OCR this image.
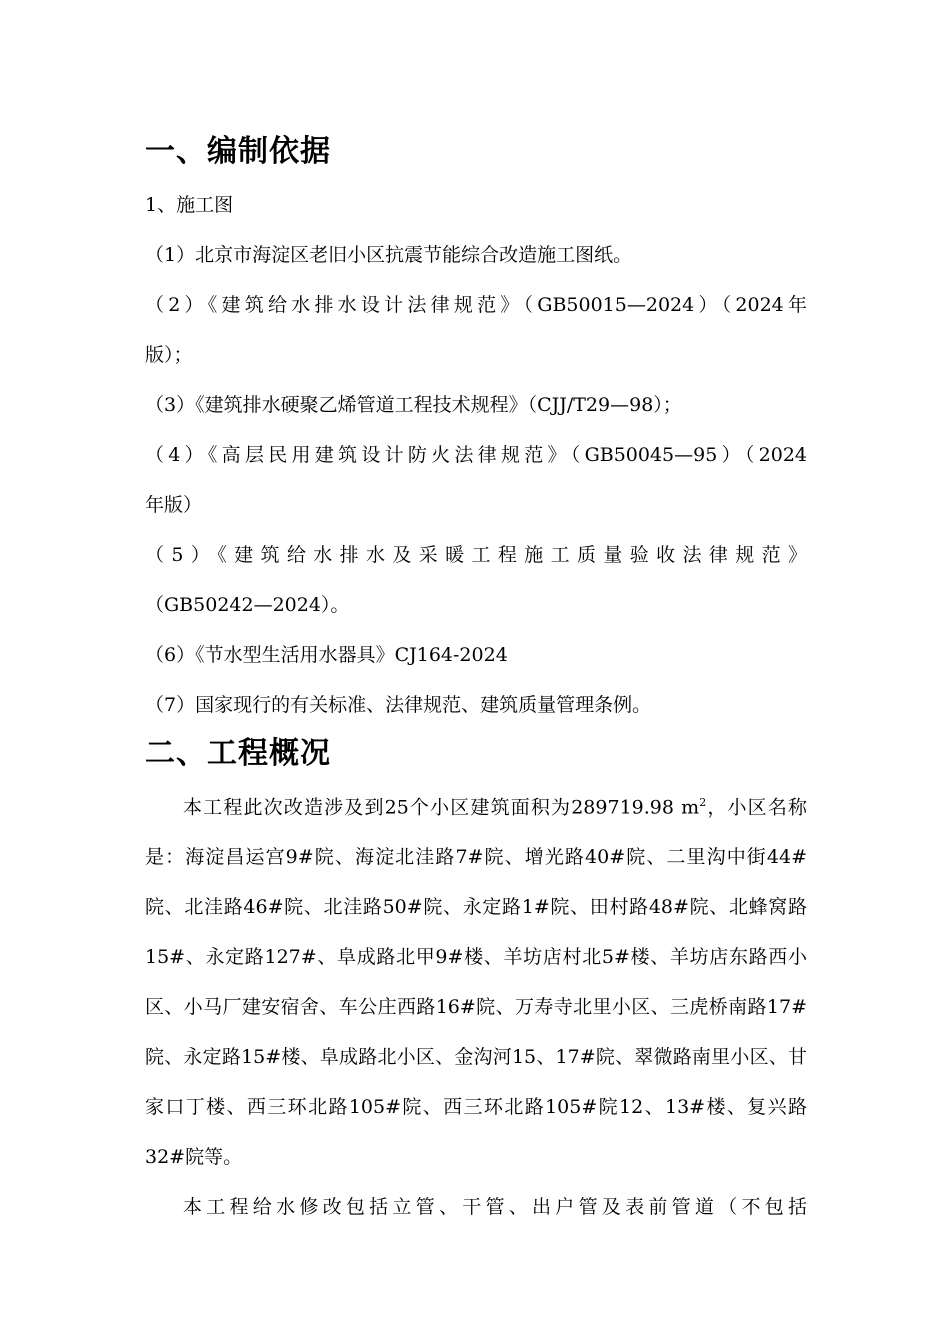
一、编制依据

1、施工图

（1）北京市海淀区老旧小区抗震节能综合改造施工图纸。

（2）《建筑给水排水设计法律规范》（GB50015—2024）（2024年

版）；

（3）《建筑排水硬聚乙烯管道工程技术规程》（CJJ/T29—98）；

（4）《高层民用建筑设计防火法律规范》（GB50045—95）（2024

年版）

（5）《建筑给水排水及采暖工程施工质量验收法律规范》

（GB50242—2024）。

（6）《节水型生活用水器具》CJ164-2024

（7）国家现行的有关标准、法律规范、建筑质量管理条例。

二、工程概况

本工程此次改造涉及到25个小区建筑面积为289719.98 $m^2$，小区名称是：海淀昌运宫9#院、海淀北洼路7#院、增光路40#院、二里沟中街44#院、北洼路46#院、北洼路50#院、永定路1#院、田村路48#院、北蜂窝路15#、永定路127#、阜成路北甲9#楼、羊坊店村北5#楼、羊坊店东路西小区、小马厂建安宿舍、车公庄西路16#院、万寿寺北里小区、三虎桥南路17#院、永定路15#楼、阜成路北小区、金沟河15、17#院、翠微路南里小区、甘家口丁楼、西三环北路105#院、西三环北路105#院12、13#楼、复兴路32#院等。

本工程给水修改包括立管、干管、出户管及表前管道（不包括
